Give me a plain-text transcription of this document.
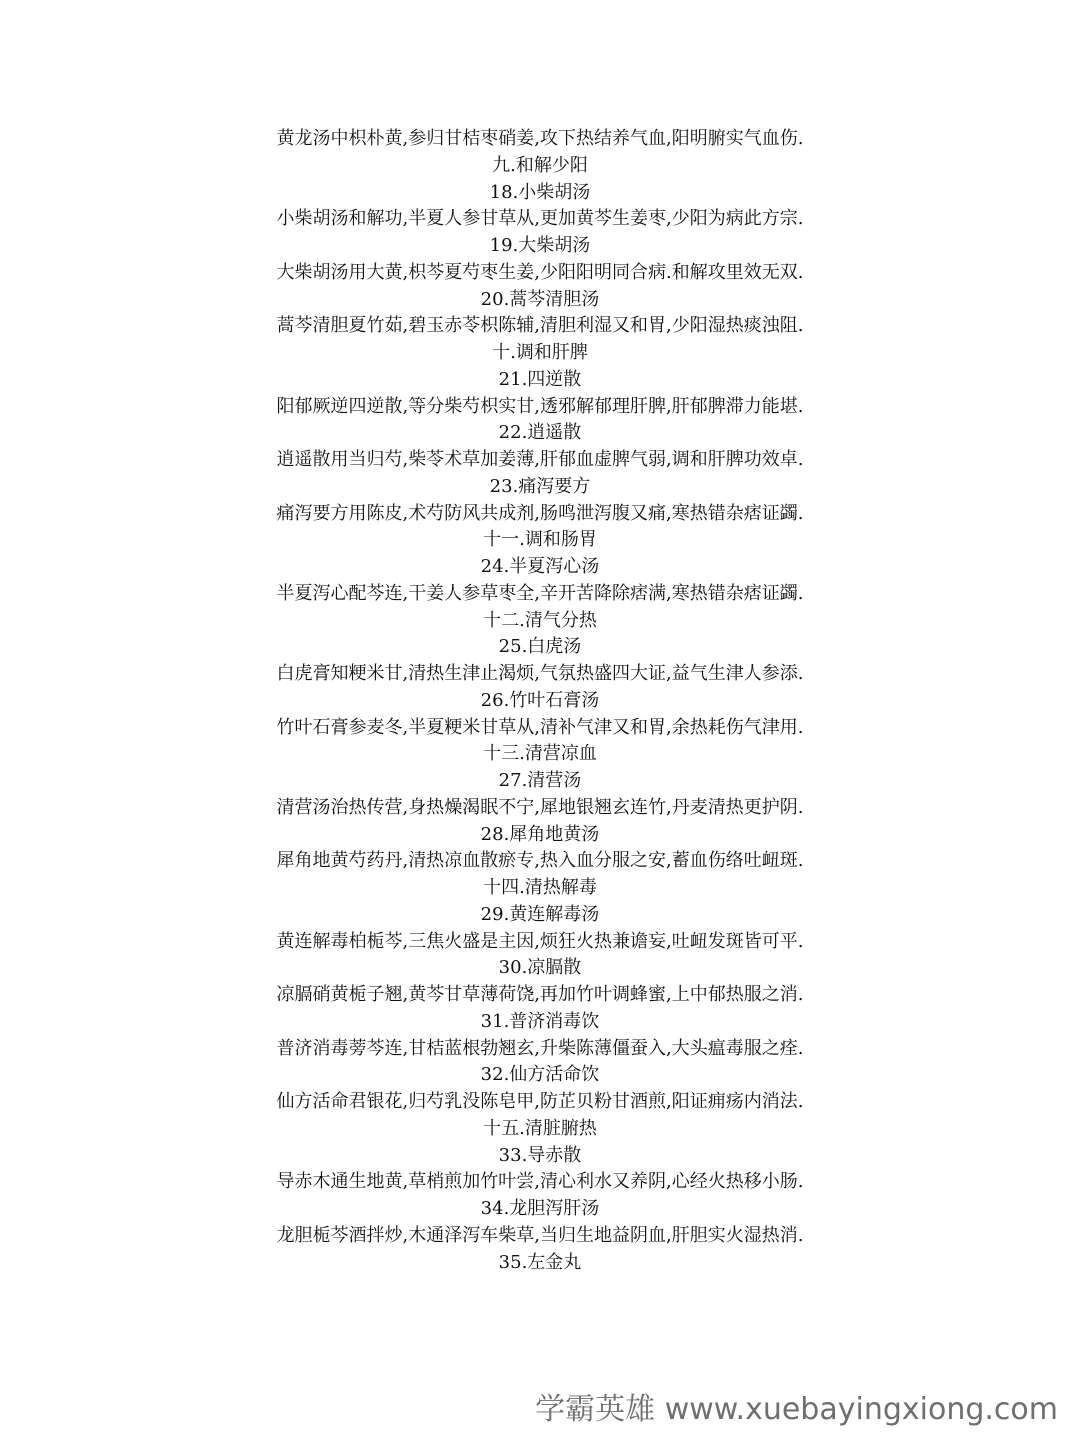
黄龙汤中枳朴黄,参归甘桔枣硝姜,攻下热结养气血,阳明腑实气血伤.
九.和解少阳
18.小柴胡汤
小柴胡汤和解功,半夏人参甘草从,更加黄芩生姜枣,少阳为病此方宗.
19.大柴胡汤
大柴胡汤用大黄,枳芩夏芍枣生姜,少阳阳明同合病.和解攻里效无双.
20.蒿芩清胆汤
蒿芩清胆夏竹茹,碧玉赤苓枳陈辅,清胆利湿又和胃,少阳湿热痰浊阻.
十.调和肝脾
21.四逆散
阳郁厥逆四逆散,等分柴芍枳实甘,透邪解郁理肝脾,肝郁脾滞力能堪.
22.逍遥散
逍遥散用当归芍,柴苓术草加姜薄,肝郁血虚脾气弱,调和肝脾功效卓.
23.痛泻要方
痛泻要方用陈皮,术芍防风共成剂,肠鸣泄泻腹又痛,寒热错杂痞证蠲.
十一.调和肠胃
24.半夏泻心汤
半夏泻心配芩连,干姜人参草枣全,辛开苦降除痞满,寒热错杂痞证蠲.
十二.清气分热
25.白虎汤
白虎膏知粳米甘,清热生津止渴烦,气氛热盛四大证,益气生津人参添.
26.竹叶石膏汤
竹叶石膏参麦冬,半夏粳米甘草从,清补气津又和胃,余热耗伤气津用.
十三.清营凉血
27.清营汤
清营汤治热传营,身热燥渴眠不宁,犀地银翘玄连竹,丹麦清热更护阴.
28.犀角地黄汤
犀角地黄芍药丹,清热凉血散瘀专,热入血分服之安,蓄血伤络吐衄斑.
十四.清热解毒
29.黄连解毒汤
黄连解毒柏栀芩,三焦火盛是主因,烦狂火热兼谵妄,吐衄发斑皆可平.
30.凉膈散
凉膈硝黄栀子翘,黄芩甘草薄荷饶,再加竹叶调蜂蜜,上中郁热服之消.
31.普济消毒饮
普济消毒蒡芩连,甘桔蓝根勃翘玄,升柴陈薄僵蚕入,大头瘟毒服之痊.
32.仙方活命饮
仙方活命君银花,归芍乳没陈皂甲,防芷贝粉甘酒煎,阳证痈疡内消法.
十五.清脏腑热
33.导赤散
导赤木通生地黄,草梢煎加竹叶尝,清心利水又养阴,心经火热移小肠.
34.龙胆泻肝汤
龙胆栀芩酒拌炒,木通泽泻车柴草,当归生地益阴血,肝胆实火湿热消.
35.左金丸
学霸英雄 www.xuebayingxiong.com
